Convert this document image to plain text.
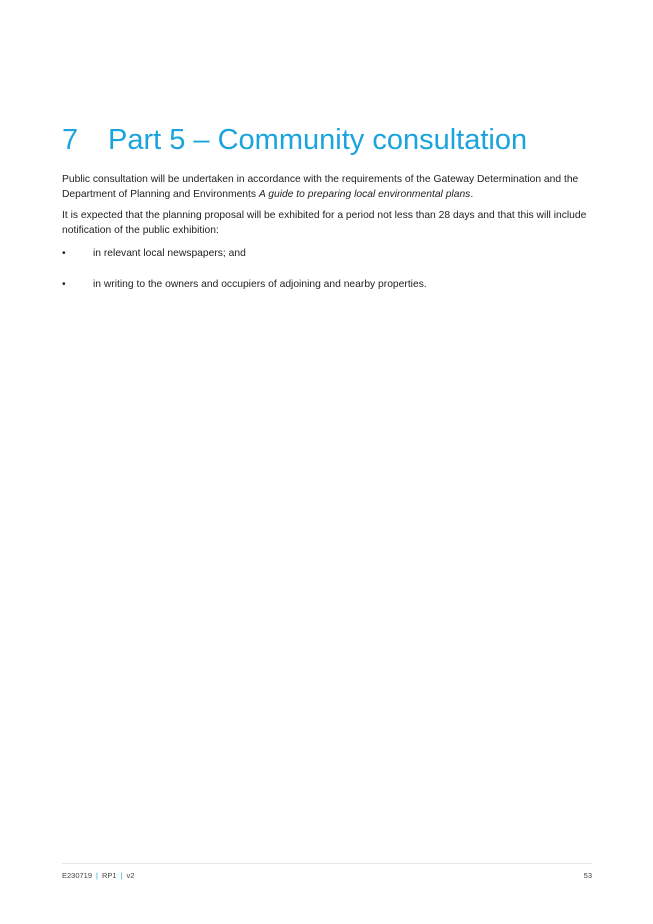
7 Part 5 – Community consultation

Public consultation will be undertaken in accordance with the requirements of the Gateway Determination and the Department of Planning and Environments A guide to preparing local environmental plans.

It is expected that the planning proposal will be exhibited for a period not less than 28 days and that this will include notification of the public exhibition:

•	in relevant local newspapers; and
•	in writing to the owners and occupiers of adjoining and nearby properties.
E230719 | RP1 | v2	53
